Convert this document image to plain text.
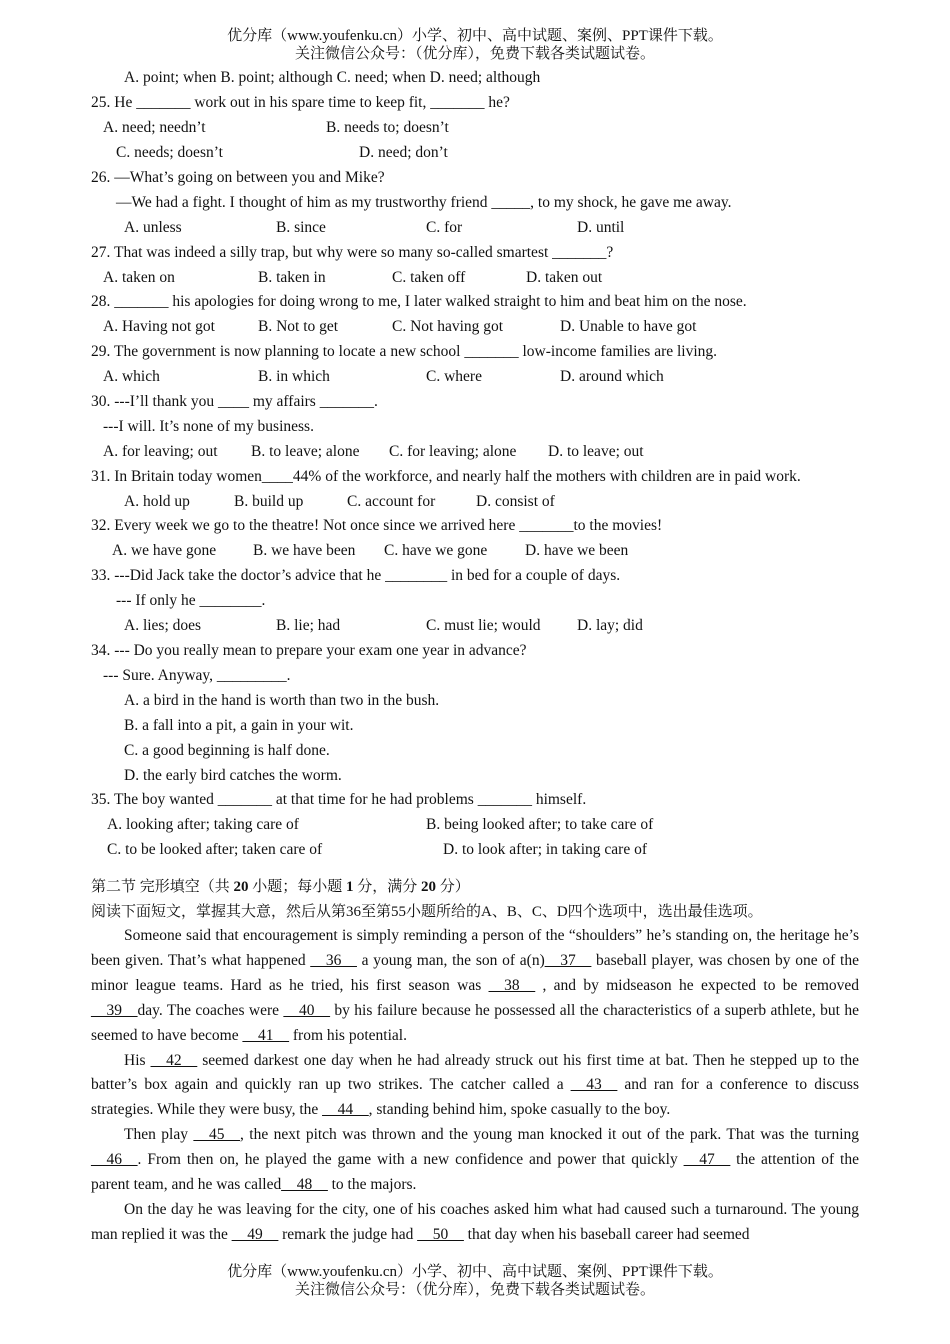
优分库（www.youfenku.cn）小学、初中、高中试题、案例、PPT课件下载。
关注微信公众号：（优分库），免费下载各类试题试卷。
A. point; when B. point; although C. need; when D. need; although
25. He _______ work out in his spare time to keep fit, _______ he?
A. need; needn’t	B. needs to; doesn’t
C. needs; doesn’t	D. need; don’t
26. —What’s going on between you and Mike?
—We had a fight. I thought of him as my trustworthy friend _____, to my shock, he gave me away.
A. unless	B. since	C. for	D. until
27. That was indeed a silly trap, but why were so many so-called smartest _______?
A. taken on	B. taken in	C. taken off	D. taken out
28. _______ his apologies for doing wrong to me, I later walked straight to him and beat him on the nose.
A. Having not got	B. Not to get	C. Not having got	D. Unable to have got
29. The government is now planning to locate a new school _______ low-income families are living.
A. which	B. in which	C. where	D. around which
30. ---I’ll thank you ____ my affairs _______.
---I will. It’s none of my business.
A. for leaving; out B. to leave; alone C. for leaving; alone D. to leave; out
31. In Britain today women____44% of the workforce, and nearly half the mothers with children are in paid work.
A. hold up	B. build up	C. account for	D. consist of
32. Every week we go to the theatre! Not once since we arrived here _______to the movies!
A. we have gone B. we have been C. have we gone D. have we been
33. ---Did Jack take the doctor’s advice that he ________ in bed for a couple of days.
--- If only he ________.
A. lies; does	B. lie; had	C. must lie; would D. lay; did
34. --- Do you really mean to prepare your exam one year in advance?
--- Sure. Anyway, _________.
A. a bird in the hand is worth than two in the bush.
B. a fall into a pit, a gain in your wit.
C. a good beginning is half done.
D. the early bird catches the worm.
35. The boy wanted _______ at that time for he had problems _______ himself.
A. looking after; taking care of	B. being looked after; to take care of
C. to be looked after; taken care of	D. to look after; in taking care of
第二节 完形填空（共 20 小题；每小题 1 分，满分 20 分）
阅读下面短文，掌握其大意，然后从第36至第55小题所给的A、B、C、D四个选项中，选出最佳选项。

Someone said that encouragement is simply reminding a person of the “shoulders” he’s standing on, the heritage he’s been given. That’s what happened __36__ a young man, the son of a(n)__37__ baseball player, was chosen by one of the minor league teams. Hard as he tried, his first season was __38__ , and by midseason he expected to be removed __39__day. The coaches were __40__ by his failure because he possessed all the characteristics of a superb athlete, but he seemed to have become __41__ from his potential.

His __42__ seemed darkest one day when he had already struck out his first time at bat. Then he stepped up to the batter’s box again and quickly ran up two strikes. The catcher called a __43__ and ran for a conference to discuss strategies. While they were busy, the __44__, standing behind him, spoke casually to the boy.

Then play __45__, the next pitch was thrown and the young man knocked it out of the park. That was the turning __46__. From then on, he played the game with a new confidence and power that quickly __47__ the attention of the parent team, and he was called__48__ to the majors.

On the day he was leaving for the city, one of his coaches asked him what had caused such a turnaround. The young man replied it was the __49__ remark the judge had __50__ that day when his baseball career had seemed

优分库（www.youfenku.cn）小学、初中、高中试题、案例、PPT课件下载。
关注微信公众号：（优分库），免费下载各类试题试卷。
